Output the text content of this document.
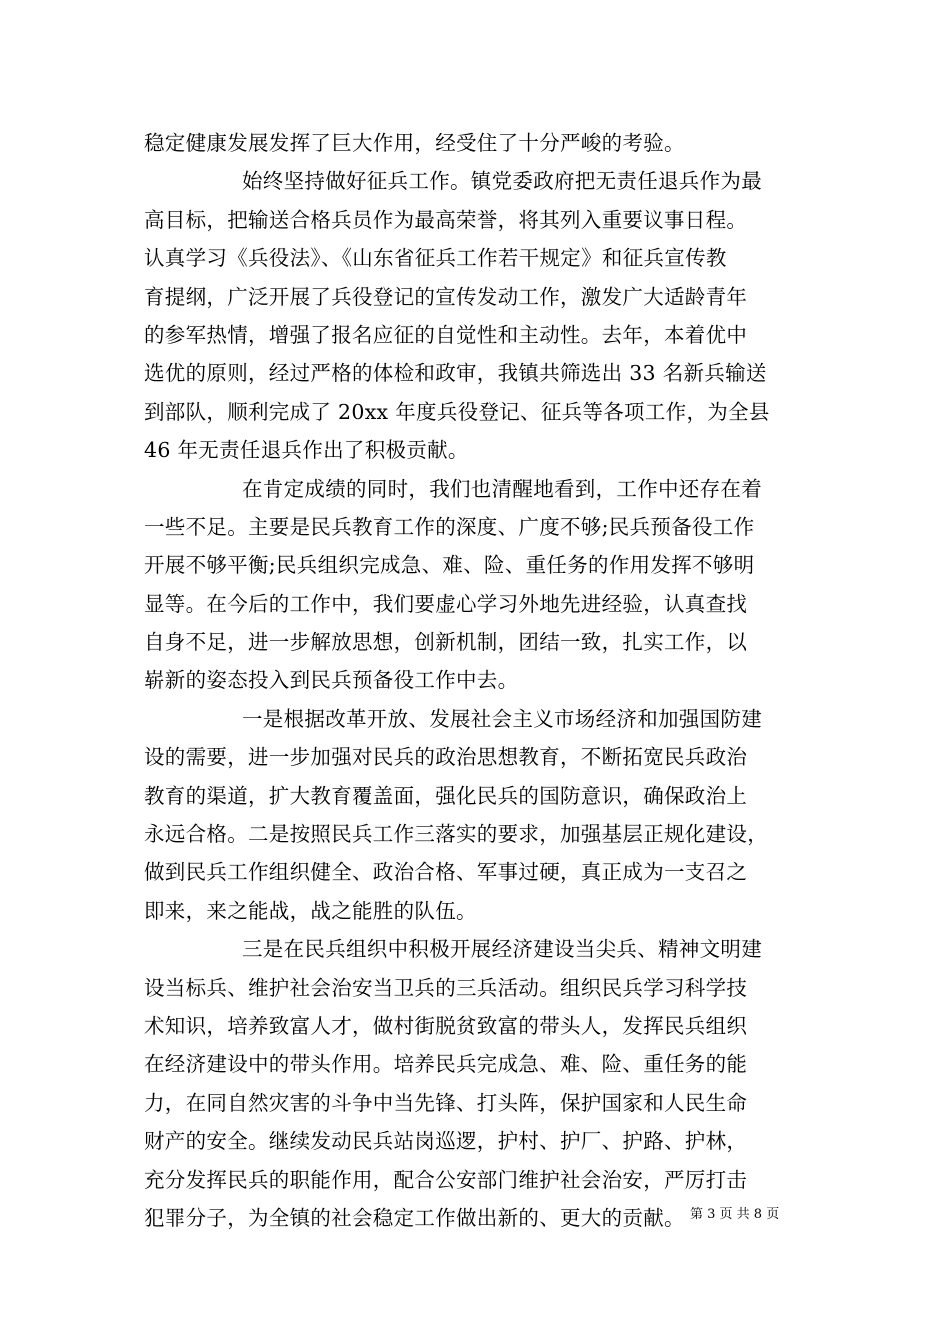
稳定健康发展发挥了巨大作用，经受住了十分严峻的考验。
始终坚持做好征兵工作。镇党委政府把无责任退兵作为最
高目标，把输送合格兵员作为最高荣誉，将其列入重要议事日程。
认真学习《兵役法》、《山东省征兵工作若干规定》和征兵宣传教
育提纲，广泛开展了兵役登记的宣传发动工作，激发广大适龄青年
的参军热情，增强了报名应征的自觉性和主动性。去年，本着优中
选优的原则，经过严格的体检和政审，我镇共筛选出 33 名新兵输送
到部队，顺利完成了 20xx 年度兵役登记、征兵等各项工作，为全县
46 年无责任退兵作出了积极贡献。
在肯定成绩的同时，我们也清醒地看到，工作中还存在着
一些不足。主要是民兵教育工作的深度、广度不够;民兵预备役工作
开展不够平衡;民兵组织完成急、难、险、重任务的作用发挥不够明
显等。在今后的工作中，我们要虚心学习外地先进经验，认真查找
自身不足，进一步解放思想，创新机制，团结一致，扎实工作，以
崭新的姿态投入到民兵预备役工作中去。
一是根据改革开放、发展社会主义市场经济和加强国防建
设的需要，进一步加强对民兵的政治思想教育，不断拓宽民兵政治
教育的渠道，扩大教育覆盖面，强化民兵的国防意识，确保政治上
永远合格。二是按照民兵工作三落实的要求，加强基层正规化建设，
做到民兵工作组织健全、政治合格、军事过硬，真正成为一支召之
即来，来之能战，战之能胜的队伍。
三是在民兵组织中积极开展经济建设当尖兵、精神文明建
设当标兵、维护社会治安当卫兵的三兵活动。组织民兵学习科学技
术知识，培养致富人才，做村街脱贫致富的带头人，发挥民兵组织
在经济建设中的带头作用。培养民兵完成急、难、险、重任务的能
力，在同自然灾害的斗争中当先锋、打头阵，保护国家和人民生命
财产的安全。继续发动民兵站岗巡逻，护村、护厂、护路、护林，
充分发挥民兵的职能作用，配合公安部门维护社会治安，严厉打击
犯罪分子，为全镇的社会稳定工作做出新的、更大的贡献。 第 3 页 共 8 页
